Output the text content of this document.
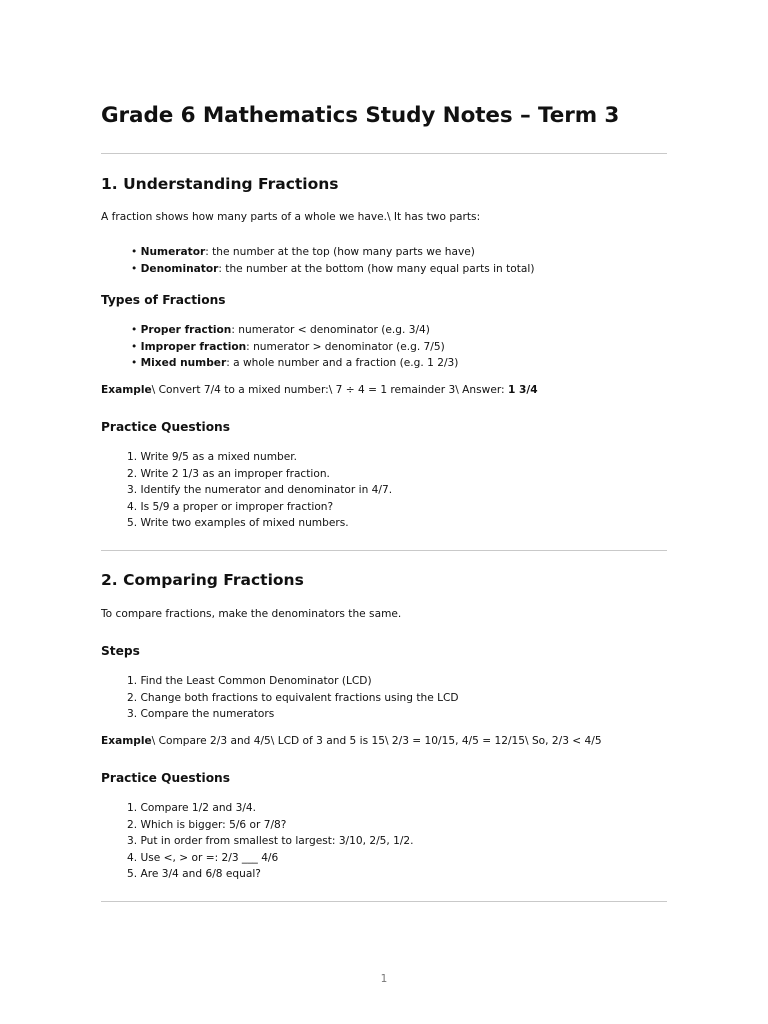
Grade 6 Mathematics Study Notes – Term 3
1. Understanding Fractions

A fraction shows how many parts of a whole we have.\ It has two parts:

• Numerator: the number at the top (how many parts we have)
• Denominator: the number at the bottom (how many equal parts in total)
Types of Fractions
• Proper fraction: numerator < denominator (e.g. 3/4)
• Improper fraction: numerator > denominator (e.g. 7/5)
• Mixed number: a whole number and a fraction (e.g. 1 2/3)

Example\ Convert 7/4 to a mixed number:\ 7 ÷ 4 = 1 remainder 3\ Answer: 1 3/4

Practice Questions
1. Write 9/5 as a mixed number.
2. Write 2 1/3 as an improper fraction.
3. Identify the numerator and denominator in 4/7.
4. Is 5/9 a proper or improper fraction?
5. Write two examples of mixed numbers.
2. Comparing Fractions

To compare fractions, make the denominators the same.

Steps
1. Find the Least Common Denominator (LCD)
2. Change both fractions to equivalent fractions using the LCD
3. Compare the numerators

Example\ Compare 2/3 and 4/5\ LCD of 3 and 5 is 15\ 2/3 = 10/15, 4/5 = 12/15\ So, 2/3 < 4/5

Practice Questions
1. Compare 1/2 and 3/4.
2. Which is bigger: 5/6 or 7/8?
3. Put in order from smallest to largest: 3/10, 2/5, 1/2.
4. Use <, > or =: 2/3 ___ 4/6
5. Are 3/4 and 6/8 equal?
1
